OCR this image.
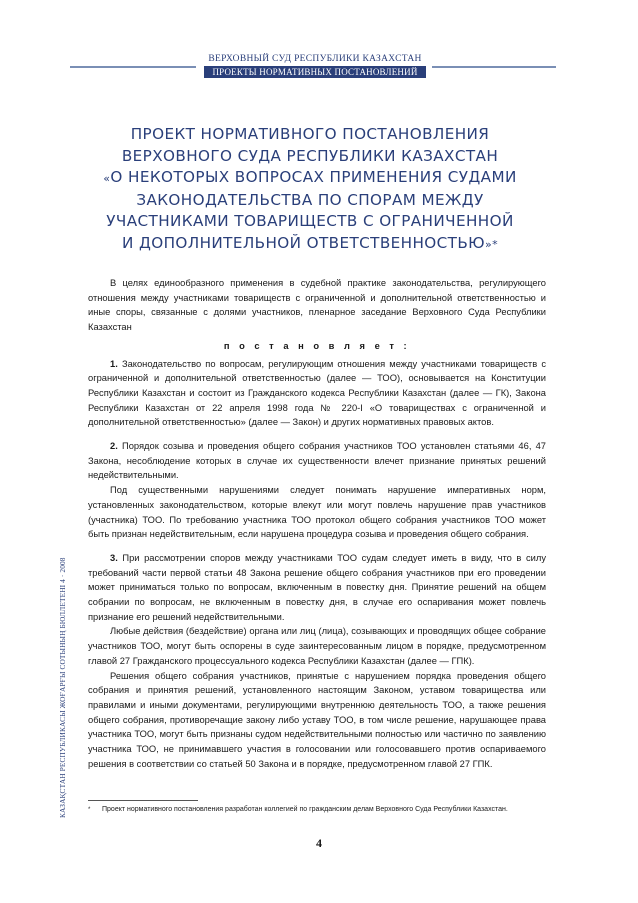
ВЕРХОВНЫЙ СУД РЕСПУБЛИКИ КАЗАХСТАН
ПРОЕКТЫ НОРМАТИВНЫХ ПОСТАНОВЛЕНИЙ
КАЗАҚСТАН РЕСПУБЛИКАСЫ ЖОҒАРҒЫ СОТЫНЫҢ БЮЛЛЕТЕНІ 4 · 2008
ПРОЕКТ НОРМАТИВНОГО ПОСТАНОВЛЕНИЯ
ВЕРХОВНОГО СУДА РЕСПУБЛИКИ КАЗАХСТАН
«О НЕКОТОРЫХ ВОПРОСАХ ПРИМЕНЕНИЯ СУДАМИ
ЗАКОНОДАТЕЛЬСТВА ПО СПОРАМ МЕЖДУ
УЧАСТНИКАМИ ТОВАРИЩЕСТВ С ОГРАНИЧЕННОЙ
И ДОПОЛНИТЕЛЬНОЙ ОТВЕТСТВЕННОСТЬЮ»*

В целях единообразного применения в судебной практике законодательства, регулирующего отношения между участниками товариществ с ограниченной и дополнительной ответственностью и иные споры, связанные с долями участников, пленарное заседание Верховного Суда Республики Казахстан

п о с т а н о в л я е т :

1. Законодательство по вопросам, регулирующим отношения между участниками товариществ с ограниченной и дополнительной ответственностью (далее — ТОО), основывается на Конституции Республики Казахстан и состоит из Гражданского кодекса Республики Казахстан (далее — ГК), Закона Республики Казахстан от 22 апреля 1998 года № 220-I «О товариществах с ограниченной и дополнительной ответственностью» (далее — Закон) и других нормативных правовых актов.

2. Порядок созыва и проведения общего собрания участников ТОО установлен статьями 46, 47 Закона, несоблюдение которых в случае их существенности влечет признание принятых решений недействительными.

Под существенными нарушениями следует понимать нарушение императивных норм, установленных законодательством, которые влекут или могут повлечь нарушение прав участников (участника) ТОО. По требованию участника ТОО протокол общего собрания участников ТОО может быть признан недействительным, если нарушена процедура созыва и проведения общего собрания.

3. При рассмотрении споров между участниками ТОО судам следует иметь в виду, что в силу требований части первой статьи 48 Закона решение общего собрания участников при его проведении может приниматься только по вопросам, включенным в повестку дня. Принятие решений на общем собрании по вопросам, не включенным в повестку дня, в случае его оспаривания может повлечь признание его решений недействительными.

Любые действия (бездействие) органа или лиц (лица), созывающих и проводящих общее собрание участников ТОО, могут быть оспорены в суде заинтересованным лицом в порядке, предусмотренном главой 27 Гражданского процессуального кодекса Республики Казахстан (далее — ГПК).

Решения общего собрания участников, принятые с нарушением порядка проведения общего собрания и принятия решений, установленного настоящим Законом, уставом товарищества или правилами и иными документами, регулирующими внутреннюю деятельность ТОО, а также решения общего собрания, противоречащие закону либо уставу ТОО, в том числе решение, нарушающее права участника ТОО, могут быть признаны судом недействительными полностью или частично по заявлению участника ТОО, не принимавшего участия в голосовании или голосовавшего против оспариваемого решения в соответствии со статьей 50 Закона и в порядке, предусмотренном главой 27 ГПК.

* Проект нормативного постановления разработан коллегией по гражданским делам Верховного Суда Республики Казахстан.
4
